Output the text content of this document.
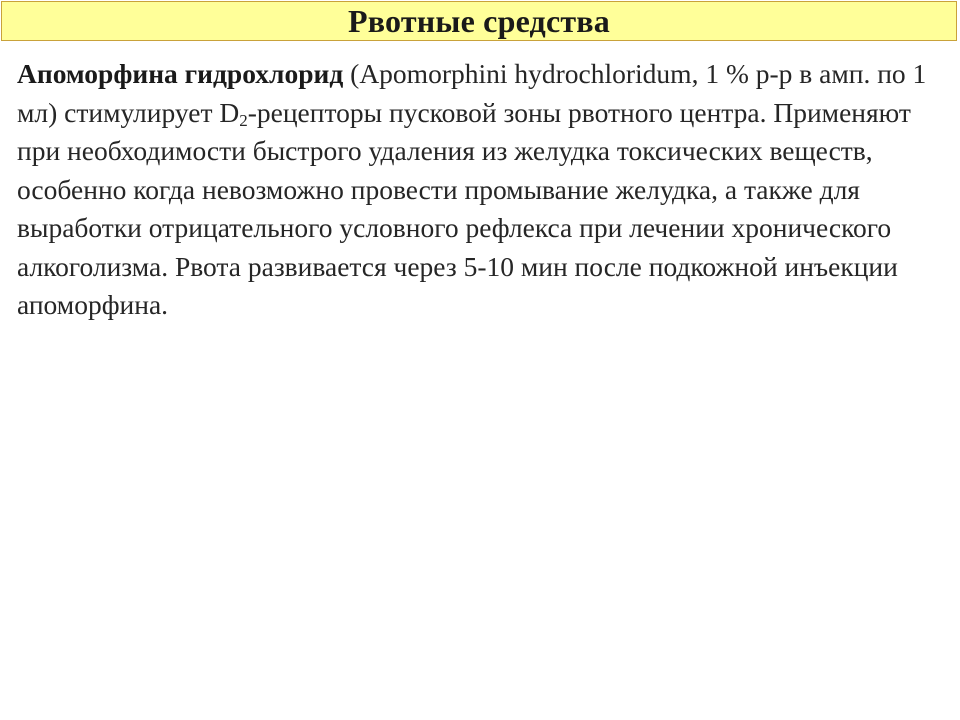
Рвотные средства

Апоморфина гидрохлорид (Apomorphini hydrochloridum, 1 % р-р в амп. по 1 мл) стимулирует $D_2$-рецепторы пусковой зоны рвотного центра. Применяют при необходимости быстрого удаления из желудка токсических веществ, особенно когда невозможно провести промывание желудка, а также для выработки отрицательного условного рефлекса при лечении хронического алкоголизма. Рвота развивается через 5-10 мин после подкожной инъекции апоморфина.
